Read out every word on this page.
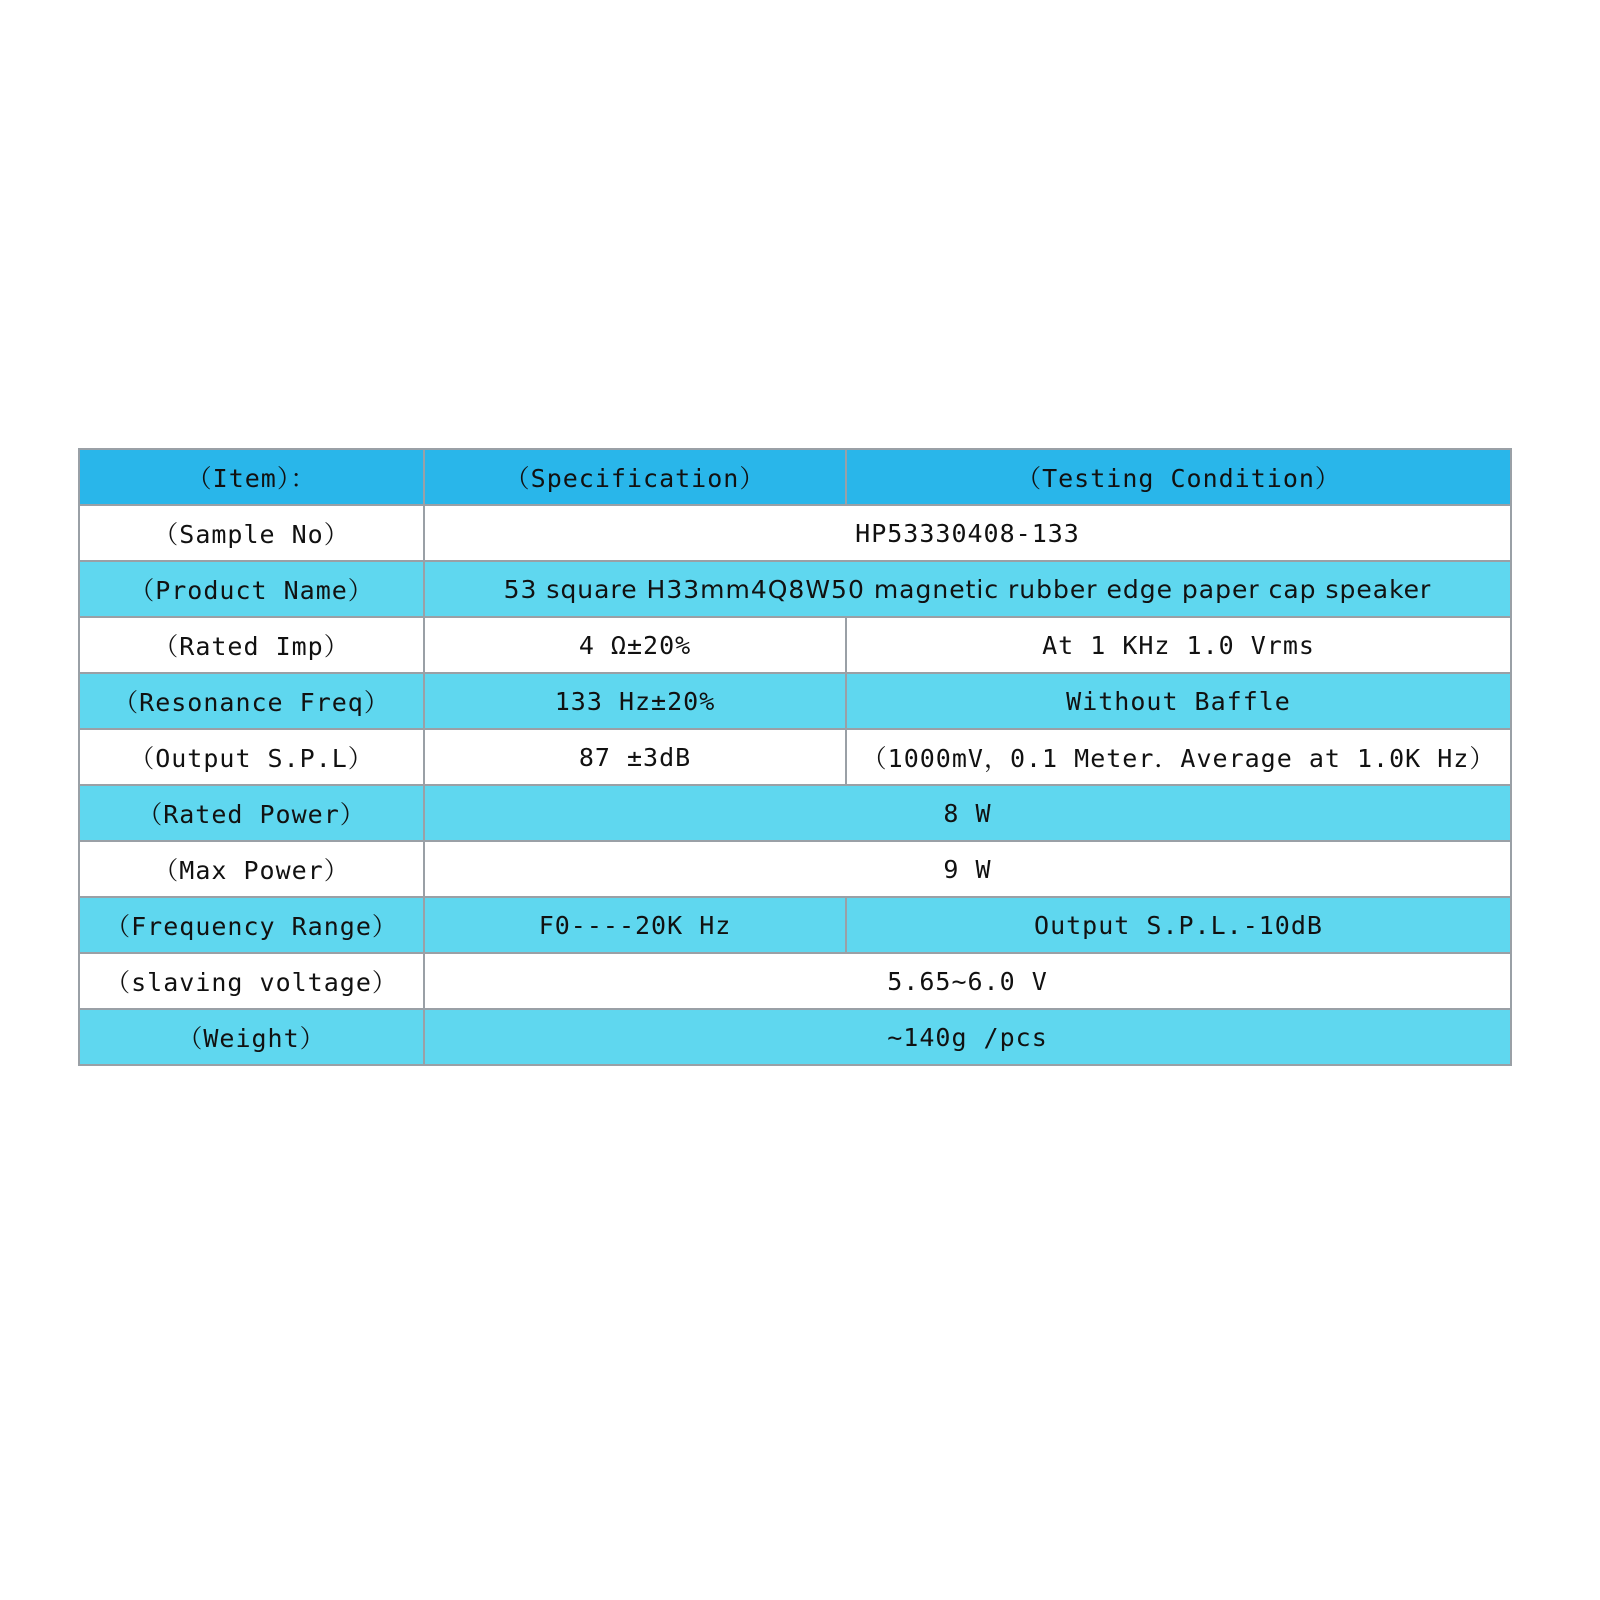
（Item）：	（Specification）	（Testing Condition）
（Sample No）	HP53330408-133	
（Product Name）	53 square H33mm4Q8W50 magnetic rubber edge paper cap speaker	
（Rated Imp）	4 Ω±20%	At 1 KHz 1.0 Vrms
（Resonance Freq）	133 Hz±20%	Without Baffle
（Output S.P.L）	87 ±3dB	（1000mV，0.1 Meter．Average at 1.0K Hz）
（Rated Power）	8 W	
（Max Power）	9 W	
（Frequency Range）	F0----20K Hz	Output S.P.L.-10dB
（slaving voltage）	5.65~6.0 V	
（Weight）	~140g /pcs	
